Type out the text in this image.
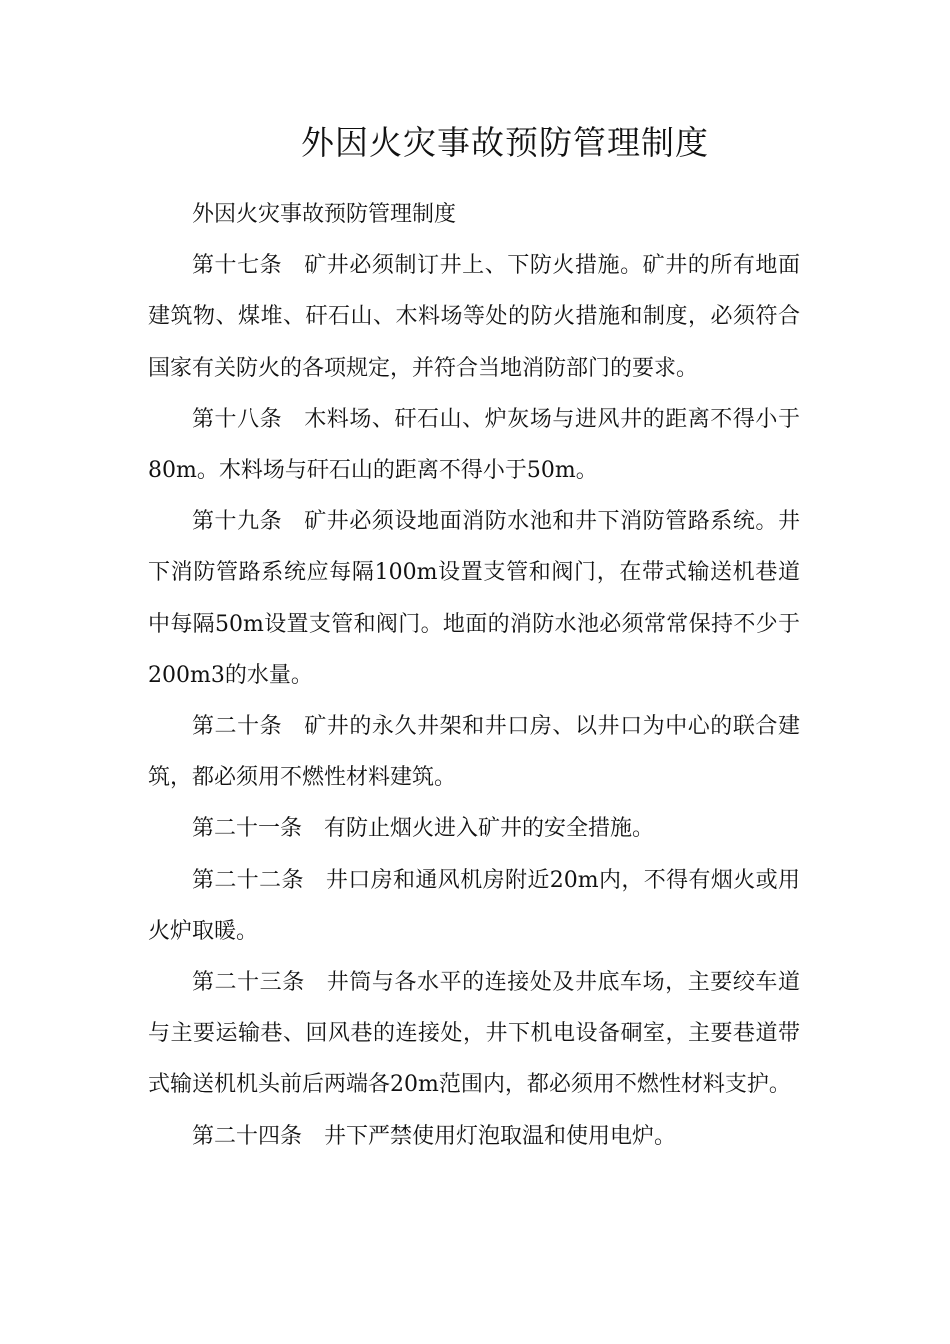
外因火灾事故预防管理制度

外因火灾事故预防管理制度

第十七条 矿井必须制订井上、下防火措施。矿井的所有地面建筑物、煤堆、矸石山、木料场等处的防火措施和制度，必须符合国家有关防火的各项规定，并符合当地消防部门的要求。

第十八条 木料场、矸石山、炉灰场与进风井的距离不得小于80m。木料场与矸石山的距离不得小于50m。

第十九条 矿井必须设地面消防水池和井下消防管路系统。井下消防管路系统应每隔100m设置支管和阀门，在带式输送机巷道中每隔50m设置支管和阀门。地面的消防水池必须常常保持不少于200m3的水量。

第二十条 矿井的永久井架和井口房、以井口为中心的联合建筑，都必须用不燃性材料建筑。

第二十一条 有防止烟火进入矿井的安全措施。

第二十二条 井口房和通风机房附近20m内，不得有烟火或用火炉取暖。

第二十三条 井筒与各水平的连接处及井底车场，主要绞车道与主要运输巷、回风巷的连接处，井下机电设备硐室，主要巷道带式输送机机头前后两端各20m范围内，都必须用不燃性材料支护。

第二十四条 井下严禁使用灯泡取温和使用电炉。
